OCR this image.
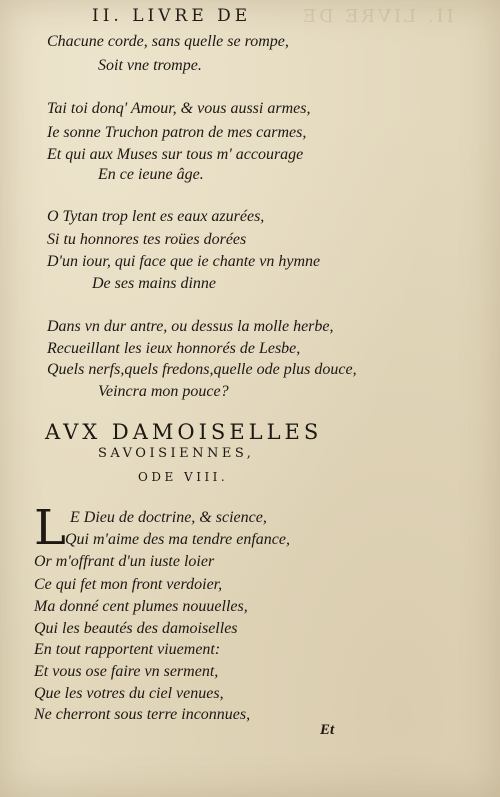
II. LIVRE DE
II. LIVRE DE
Chacune corde, sans quelle se rompe,
Soit vne trompe.
Tai toi donq' Amour, & vous aussi armes,
Ie sonne Truchon patron de mes carmes,
Et qui aux Muses sur tous m' accourage
En ce ieune âge.
O Tytan trop lent es eaux azurées,
Si tu honnores tes roües dorées
D'un iour, qui face que ie chante vn hymne
De ses mains dinne
Dans vn dur antre, ou dessus la molle herbe,
Recueillant les ieux honnorés de Lesbe,
Quels nerfs,quels fredons,quelle ode plus douce,
Veincra mon pouce?
AVX DAMOISELLES
SAVOISIENNES,
ODE VIII.
L E Dieu de doctrine, & science,
Qui m'aime des ma tendre enfance,
Or m'offrant d'un iuste loier
Ce qui fet mon front verdoier,
Ma donné cent plumes nouuelles,
Qui les beautés des damoiselles
En tout rapportent viuement:
Et vous ose faire vn serment,
Que les votres du ciel venues,
Ne cherront sous terre inconnues,
Et
